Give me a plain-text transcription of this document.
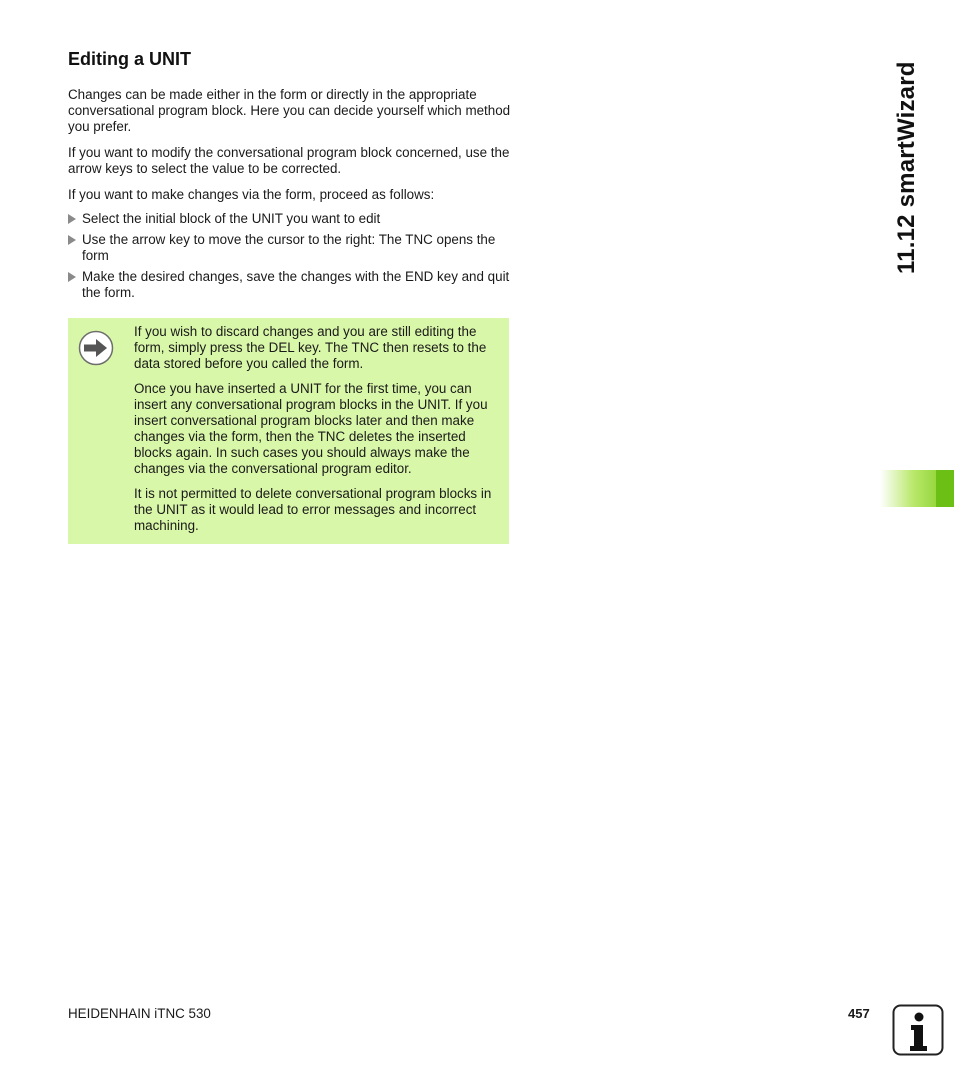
Editing a UNIT

Changes can be made either in the form or directly in the appropriate conversational program block. Here you can decide yourself which method you prefer.

If you want to modify the conversational program block concerned, use the arrow keys to select the value to be corrected.

If you want to make changes via the form, proceed as follows:

Select the initial block of the UNIT you want to edit
Use the arrow key to move the cursor to the right: The TNC opens the form
Make the desired changes, save the changes with the END key and quit the form.

If you wish to discard changes and you are still editing the form, simply press the DEL key. The TNC then resets to the data stored before you called the form.

Once you have inserted a UNIT for the first time, you can insert any conversational program blocks in the UNIT. If you insert conversational program blocks later and then make changes via the form, then the TNC deletes the inserted blocks again. In such cases you should always make the changes via the conversational program editor.

It is not permitted to delete conversational program blocks in the UNIT as it would lead to error messages and incorrect machining.

11.12 smartWizard

HEIDENHAIN iTNC 530	457
